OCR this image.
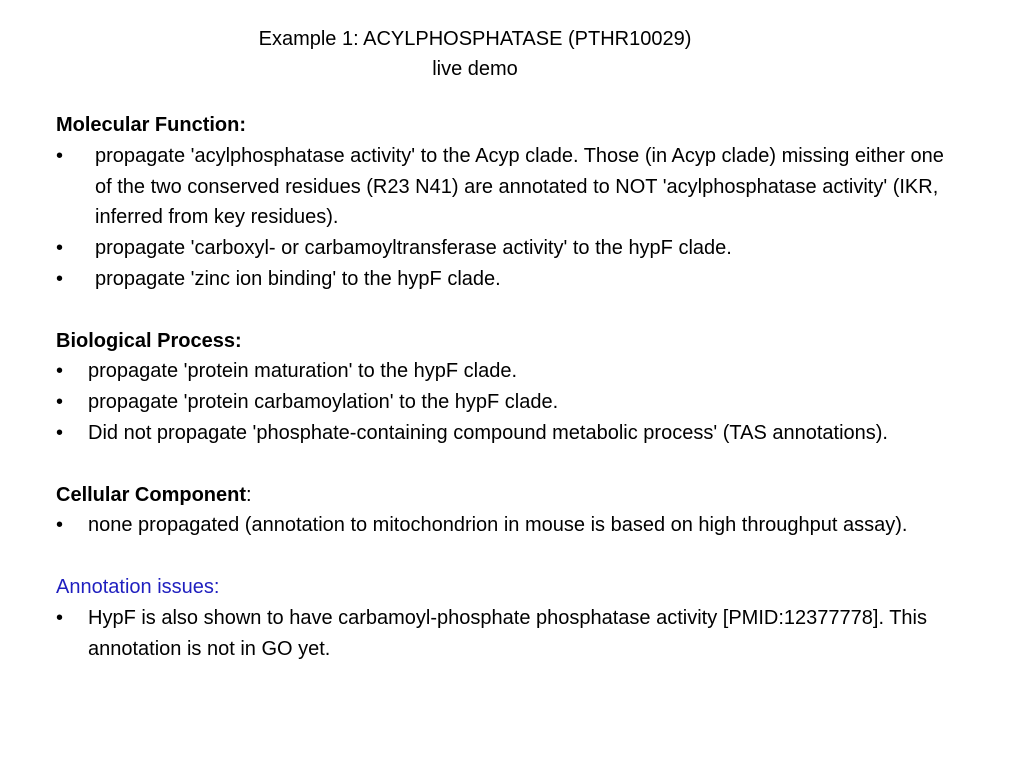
Example 1: ACYLPHOSPHATASE (PTHR10029)
live demo
Molecular Function:
• propagate 'acylphosphatase activity' to the Acyp clade. Those (in Acyp clade) missing either one of the two conserved residues (R23 N41) are annotated to NOT 'acylphosphatase activity' (IKR, inferred from key residues).
• propagate 'carboxyl- or carbamoyltransferase activity' to the hypF clade.
• propagate 'zinc ion binding' to the hypF clade.
Biological Process:
• propagate 'protein maturation' to the hypF clade.
• propagate 'protein carbamoylation' to the hypF clade.
• Did not propagate 'phosphate-containing compound metabolic process' (TAS annotations).
Cellular Component:
• none propagated (annotation to mitochondrion in mouse is based on high throughput assay).
Annotation issues:
• HypF is also shown to have carbamoyl-phosphate phosphatase activity [PMID:12377778]. This annotation is not in GO yet.
